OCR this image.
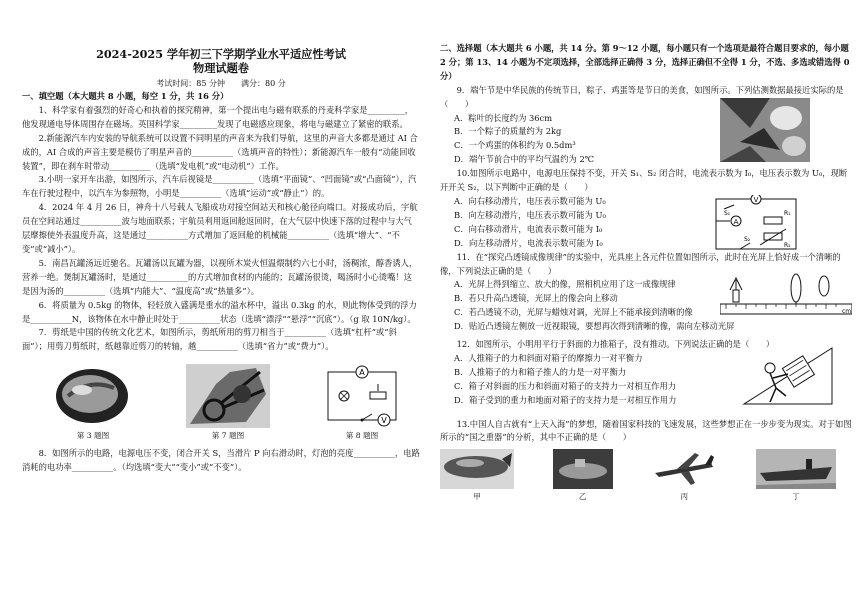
2024-2025 学年初三下学期学业水平适应性考试
物理试题卷
考试时间：85 分钟　　满分：80 分

一、填空题（本大题共 8 小题，每空 1 分，共 16 分）

1、科学家有着强烈的好奇心和执着的探究精神，第一个提出电与磁有联系的丹麦科学家是_________，他发现通电导体周围存在磁场。英国科学家_________发现了电磁感应现象，将电与磁建立了紧密的联系。

2.新能源汽车内安装的导航系统可以设置不同明星的声音来为我们导航，这里的声音大多都是通过 AI 合成的，AI 合成的声音主要是模仿了明星声音的__________（选填声音的特性）；新能源汽车一般有“动能回收装置”，即在刹车时带动__________（选填“发电机”或“电动机”）工作。

3.小明一家开车出游，如图所示，汽车后视镜是__________（选填“平面镜”、“凹面镜”或“凸面镜”），汽车在行驶过程中，以汽车为参照物，小明是__________（选填“运动”或“静止”）的。

4．2024 年 4 月 26 日，神舟十八号载人飞船成功对接空间站天和核心舱径向端口。对接成功后，宇航员在空间站通过__________波与地面联系；宇航员利用返回舱返回时，在大气层中快速下落的过程中与大气层摩擦使外表温度升高，这是通过__________方式增加了返回舱的机械能__________（选填“增大”、“不变”或“减小”）。

5．南昌瓦罐汤远近驰名。瓦罐汤以瓦罐为器，以视所木炭火恒温煨制约六七小时，汤稠浓，醇香诱人，营养一绝。煲制瓦罐汤时，是通过__________的方式增加食材的内能的；瓦罐汤很烫，喝汤时小心烫嘴！这是因为汤的__________（选填“内能大”、“温度高”或“热量多”）。

6．将质量为 0.5kg 的物体，轻轻放入盛满是重水的溢水杯中，溢出 0.3kg 的水，则此物体受到的浮力是__________N，该物体在水中静止时处于__________状态（选填“漂浮”“悬浮”“沉底”）。（g 取 10N/kg）。

7．剪纸是中国的传统文化艺术，如图所示，剪纸所用的剪刀相当于__________（选填“杠杆”或“斜面”）；用剪刀剪纸时，纸越靠近剪刀的转轴，越__________（选填“省力”或“费力”）。

第 3 题图	第 7 题图
A
V
第 8 题图

8．如图所示的电路，电源电压不变，闭合开关 S，当滑片 P 向右滑动时，灯泡的亮度__________，电路消耗的电功率__________。（均选填“变大”“变小”或“不变”）。

二、选择题（本大题共 6 小题，共 14 分。第 9～12 小题，每小题只有一个选项是最符合题目要求的，每小题 2 分；第 13、14 小题为不定项选择，全部选择正确得 3 分，选择正确但不全得 1 分，不选、多选或错选得 0 分）

9．端午节是中华民族的传统节日，粽子、鸡蛋等是节日的美食，如图所示。下列估测数据最接近实际的是（　　）

A．粽叶的长度约为 36cm

B．一个粽子的质量约为 2kg

C．一个鸡蛋的体积约为 0.5dm³

D．端午节前合中的平均气温约为 2℃

10.如图所示电路中，电源电压保持不变，开关 S₁、S₂ 闭合时，电流表示数为 I₀，电压表示数为 U₀，现断开开关 S₂，以下判断中正确的是（　　）

A．向右移动滑片，电压表示数可能为 U₀

B．向左移动滑片，电压表示数可能为 U₀

C．向右移动滑片，电流表示数可能为 I₀

D．向左移动滑片，电流表示数可能为 I₀

V
A
S₁	R₁
R₂
S₂

11．在“探究凸透镜成像规律”的实验中，光具座上各元件位置如图所示，此时在光屏上恰好成一个清晰的像，下列说法正确的是（　　）

A．光屏上得到缩立、放大的像，照相机应用了这一成像规律

B．若只升高凸透镜，光屏上的像会向上移动

C．若凸透镜不动，光屏与蜡烛对调，光屏上不能承接到清晰的像

D．贴近凸透镜左侧放一近视眼镜，要想再次得到清晰的像，需向左移动光屏

cm

12．如图所示，小明用平行于斜面的力推箱子，没有推动。下列说法正确的是（　　）

A．人推箱子的力和斜面对箱子的摩擦力一对平衡力

B．人推箱子的力和箱子推人的力是一对平衡力

C．箱子对斜面的压力和斜面对箱子的支持力一对相互作用力

D．箱子受到的重力和地面对箱子的支持力是一对相互作用力

13.中国人自古就有“上天入海”的梦想，随着国家科技的飞速发展，这些梦想正在一步步变为现实。对于如图所示的“国之重器”的分析，其中不正确的是（　　）

甲	乙	丙	丁
